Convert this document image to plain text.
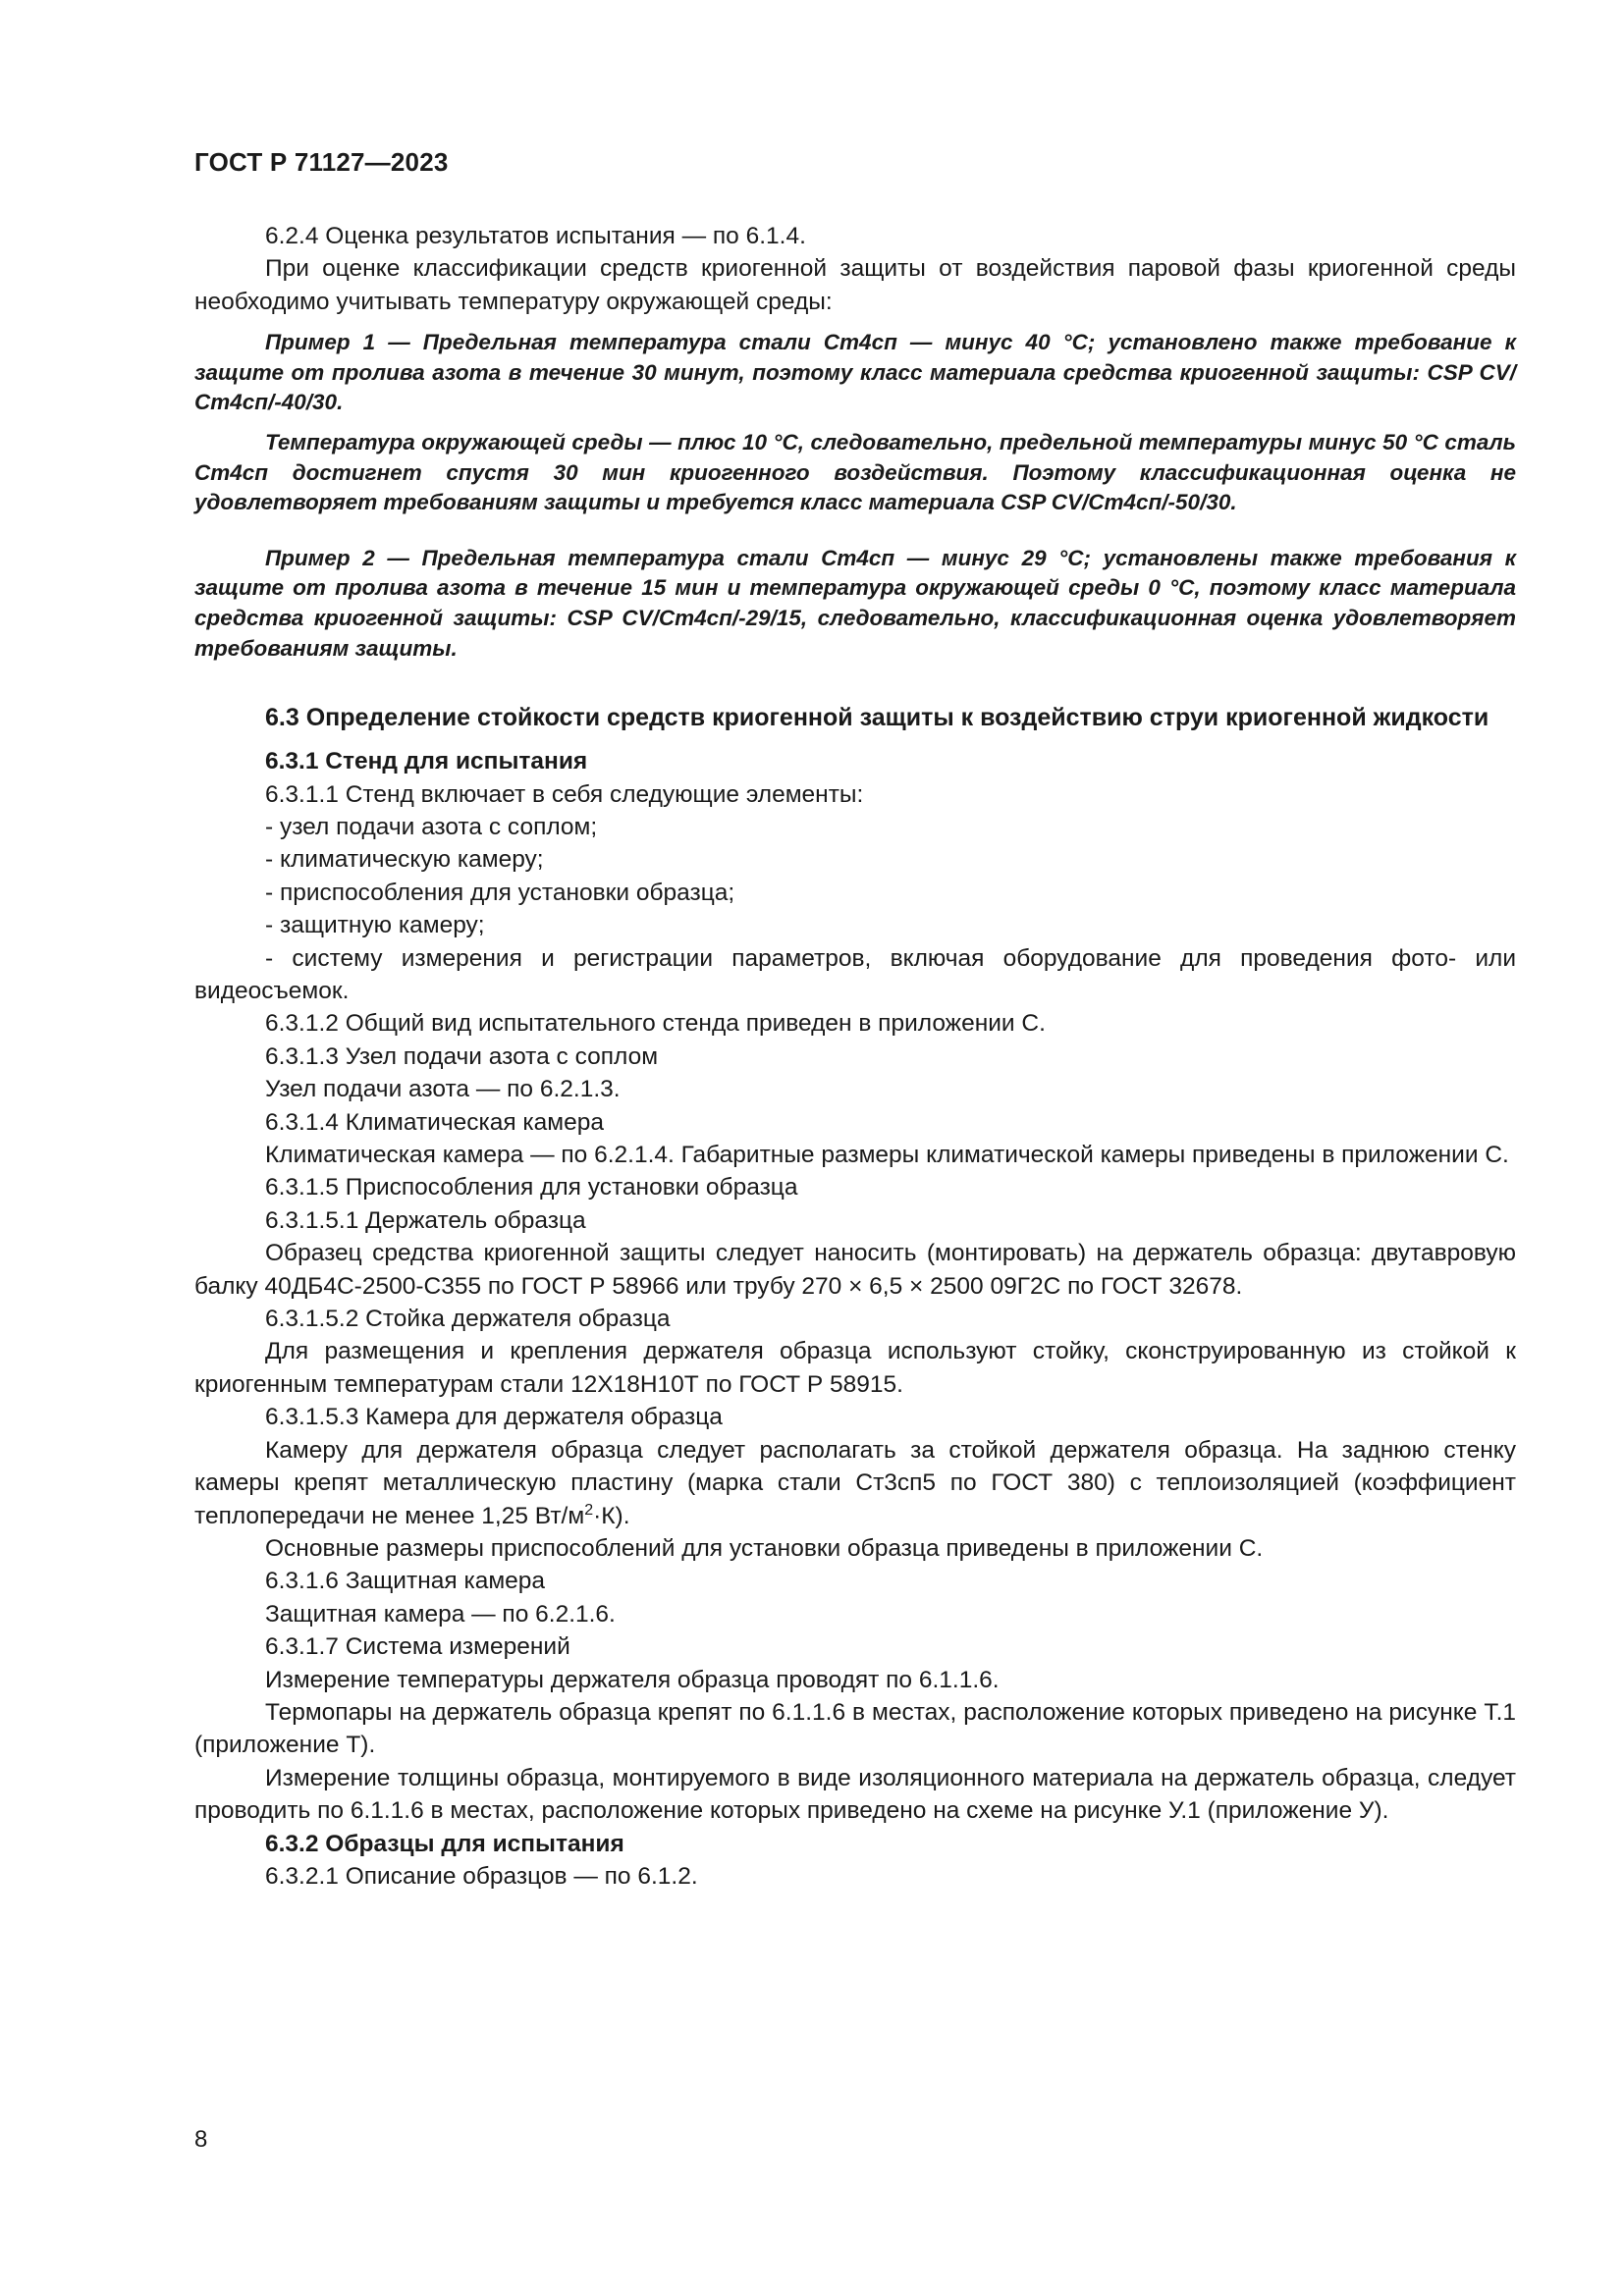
ГОСТ Р 71127—2023

6.2.4 Оценка результатов испытания — по 6.1.4.

При оценке классификации средств криогенной защиты от воздействия паровой фазы криогенной среды необходимо учитывать температуру окружающей среды:

Пример 1 — Предельная температура стали Ст4сп — минус 40 °С; установлено также требование к защите от пролива азота в течение 30 минут, поэтому класс материала средства криогенной защиты: CSP CV/Ст4сп/-40/30.

Температура окружающей среды — плюс 10 °С, следовательно, предельной температуры минус 50 °С сталь Ст4сп достигнет спустя 30 мин криогенного воздействия. Поэтому классификационная оценка не удовлетворяет требованиям защиты и требуется класс материала CSP CV/Ст4сп/-50/30.

Пример 2 — Предельная температура стали Ст4сп — минус 29 °С; установлены также требования к защите от пролива азота в течение 15 мин и температура окружающей среды 0 °С, поэтому класс материала средства криогенной защиты: CSP CV/Ст4сп/-29/15, следовательно, классификационная оценка удовлетворяет требованиям защиты.

6.3 Определение стойкости средств криогенной защиты к воздействию струи криогенной жидкости

6.3.1 Стенд для испытания

6.3.1.1 Стенд включает в себя следующие элементы:

- узел подачи азота с соплом;

- климатическую камеру;

- приспособления для установки образца;

- защитную камеру;

- систему измерения и регистрации параметров, включая оборудование для проведения фото- или видеосъемок.

6.3.1.2 Общий вид испытательного стенда приведен в приложении С.

6.3.1.3 Узел подачи азота с соплом

Узел подачи азота — по 6.2.1.3.

6.3.1.4 Климатическая камера

Климатическая камера — по 6.2.1.4. Габаритные размеры климатической камеры приведены в приложении С.

6.3.1.5 Приспособления для установки образца

6.3.1.5.1 Держатель образца

Образец средства криогенной защиты следует наносить (монтировать) на держатель образца: двутавровую балку 40ДБ4С-2500-С355 по ГОСТ Р 58966 или трубу 270 × 6,5 × 2500 09Г2С по ГОСТ 32678.

6.3.1.5.2 Стойка держателя образца

Для размещения и крепления держателя образца используют стойку, сконструированную из стойкой к криогенным температурам стали 12Х18Н10Т по ГОСТ Р 58915.

6.3.1.5.3 Камера для держателя образца

Камеру для держателя образца следует располагать за стойкой держателя образца. На заднюю стенку камеры крепят металлическую пластину (марка стали Ст3сп5 по ГОСТ 380) с теплоизоляцией (коэффициент теплопередачи не менее 1,25 $Вт/м^2\cdot К$).

Основные размеры приспособлений для установки образца приведены в приложении С.

6.3.1.6 Защитная камера

Защитная камера — по 6.2.1.6.

6.3.1.7 Система измерений

Измерение температуры держателя образца проводят по 6.1.1.6.

Термопары на держатель образца крепят по 6.1.1.6 в местах, расположение которых приведено на рисунке Т.1 (приложение Т).

Измерение толщины образца, монтируемого в виде изоляционного материала на держатель образца, следует проводить по 6.1.1.6 в местах, расположение которых приведено на схеме на рисунке У.1 (приложение У).

6.3.2 Образцы для испытания

6.3.2.1 Описание образцов — по 6.1.2.

8
